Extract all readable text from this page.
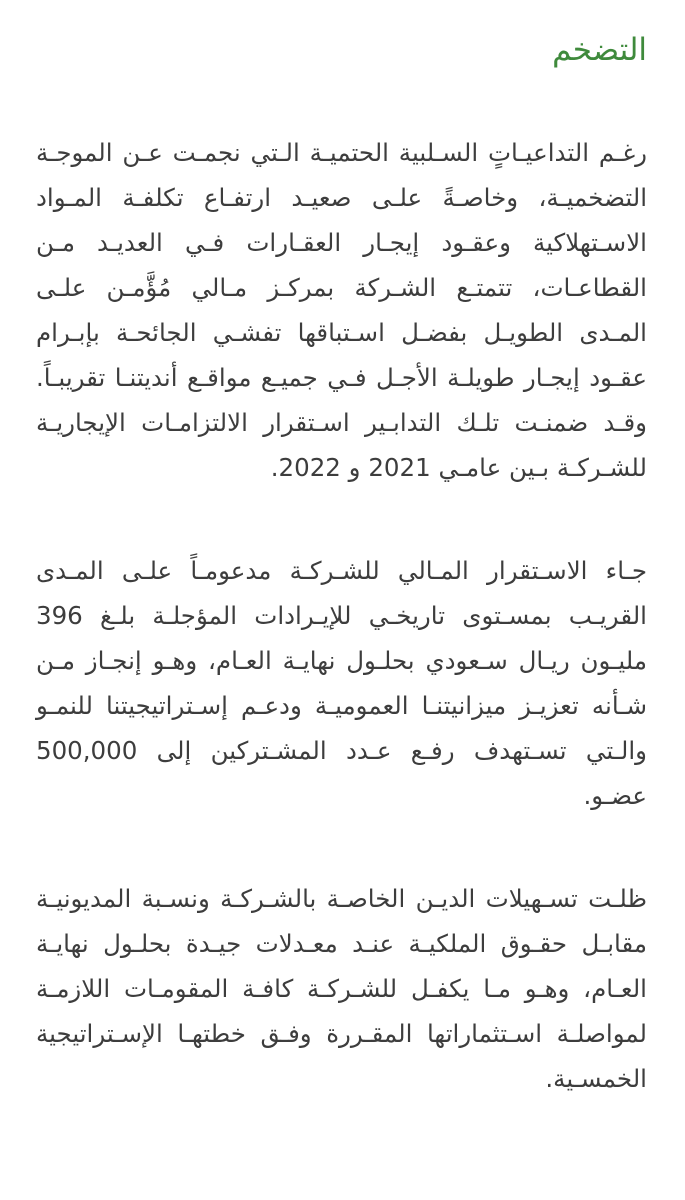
التضخم

رغـم التداعيـاتٍ السـلبية الحتميـة الـتي نجمـت عـن الموجـة التضخميـة، وخاصـةً علـى صعيـد ارتفـاع تكلفـة المـواد الاسـتهلاكية وعقـود إيجـار العقـارات فـي العديـد مـن القطاعـات، تتمتـع الشـركة بمركـز مـالي مُؤَّمـن علـى المـدى الطويـل بفضـل اسـتباقها تفشـي الجائحـة بإبـرام عقـود إيجـار طويلـة الأجـل فـي جميـع مواقـع أنديتنـا تقريبـاً. وقـد ضمنـت تلـك التدابـير اسـتقرار الالتزامـات الإيجاريـة للشـركـة بـين عامـي 2021 و 2022.

جـاء الاسـتقرار المـالي للشـركـة مدعومـاً علـى المـدى القريـب بمسـتوى تاريخـي للإيـرادات المؤجلـة بلـغ 396 مليـون ريـال سـعودي بحلـول نهايـة العـام، وهـو إنجـاز مـن شـأنه تعزيـز ميزانيتنـا العموميـة ودعـم إسـتراتيجيتنا للنمـو والـتي تسـتهدف رفـع عـدد المشـتركين إلى 500,000 عضـو.

ظلـت تسـهيلات الديـن الخاصـة بالشـركـة ونسـبة المديونيـة مقابـل حقـوق الملكيـة عنـد معـدلات جيـدة بحلـول نهايـة العـام، وهـو مـا يكفـل للشـركـة كافـة المقومـات اللازمـة لمواصلـة اسـتثماراتها المقـررة وفـق خطتهـا الإسـتراتيجية الخمسـية.
